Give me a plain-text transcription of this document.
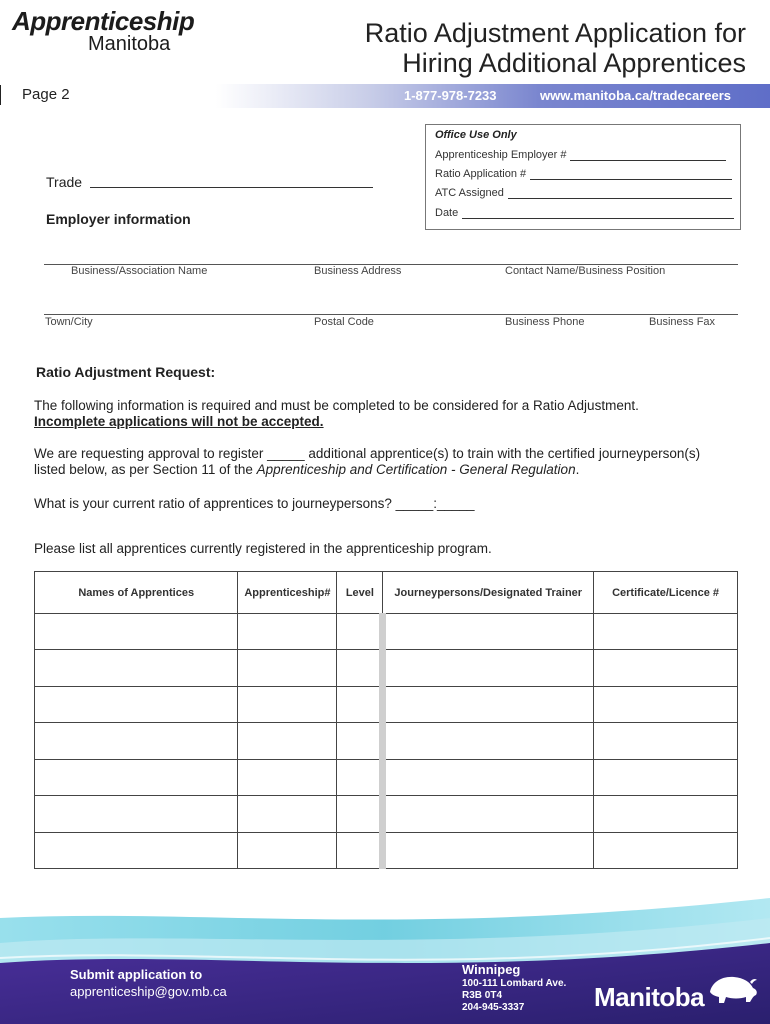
Apprenticeship
Manitoba	Ratio Adjustment Application for
Hiring Additional Apprentices
Page 2	1-877-978-7233	www.manitoba.ca/tradecareers
Office Use Only
Apprenticeship Employer #
Ratio Application #
ATC Assigned
Date
Trade
Employer information
Business/Association Name	Business Address	Contact Name/Business Position
Town/City	Postal Code	Business Phone	Business Fax
Ratio Adjustment Request:
The following information is required and must be completed to be considered for a Ratio Adjustment.
Incomplete applications will not be accepted.
We are requesting approval to register _____ additional apprentice(s) to train with the certified journeyperson(s)
listed below, as per Section 11 of the Apprenticeship and Certification - General Regulation.
What is your current ratio of apprentices to journeypersons? _____:_____
Please list all apprentices currently registered in the apprenticeship program.
Names of Apprentices	Apprenticeship#	Level	Journeypersons/Designated Trainer	Certificate/Licence #

Submit application to
apprenticeship@gov.mb.ca
Winnipeg
100-111 Lombard Ave.
R3B 0T4
204-945-3337	Manitoba
